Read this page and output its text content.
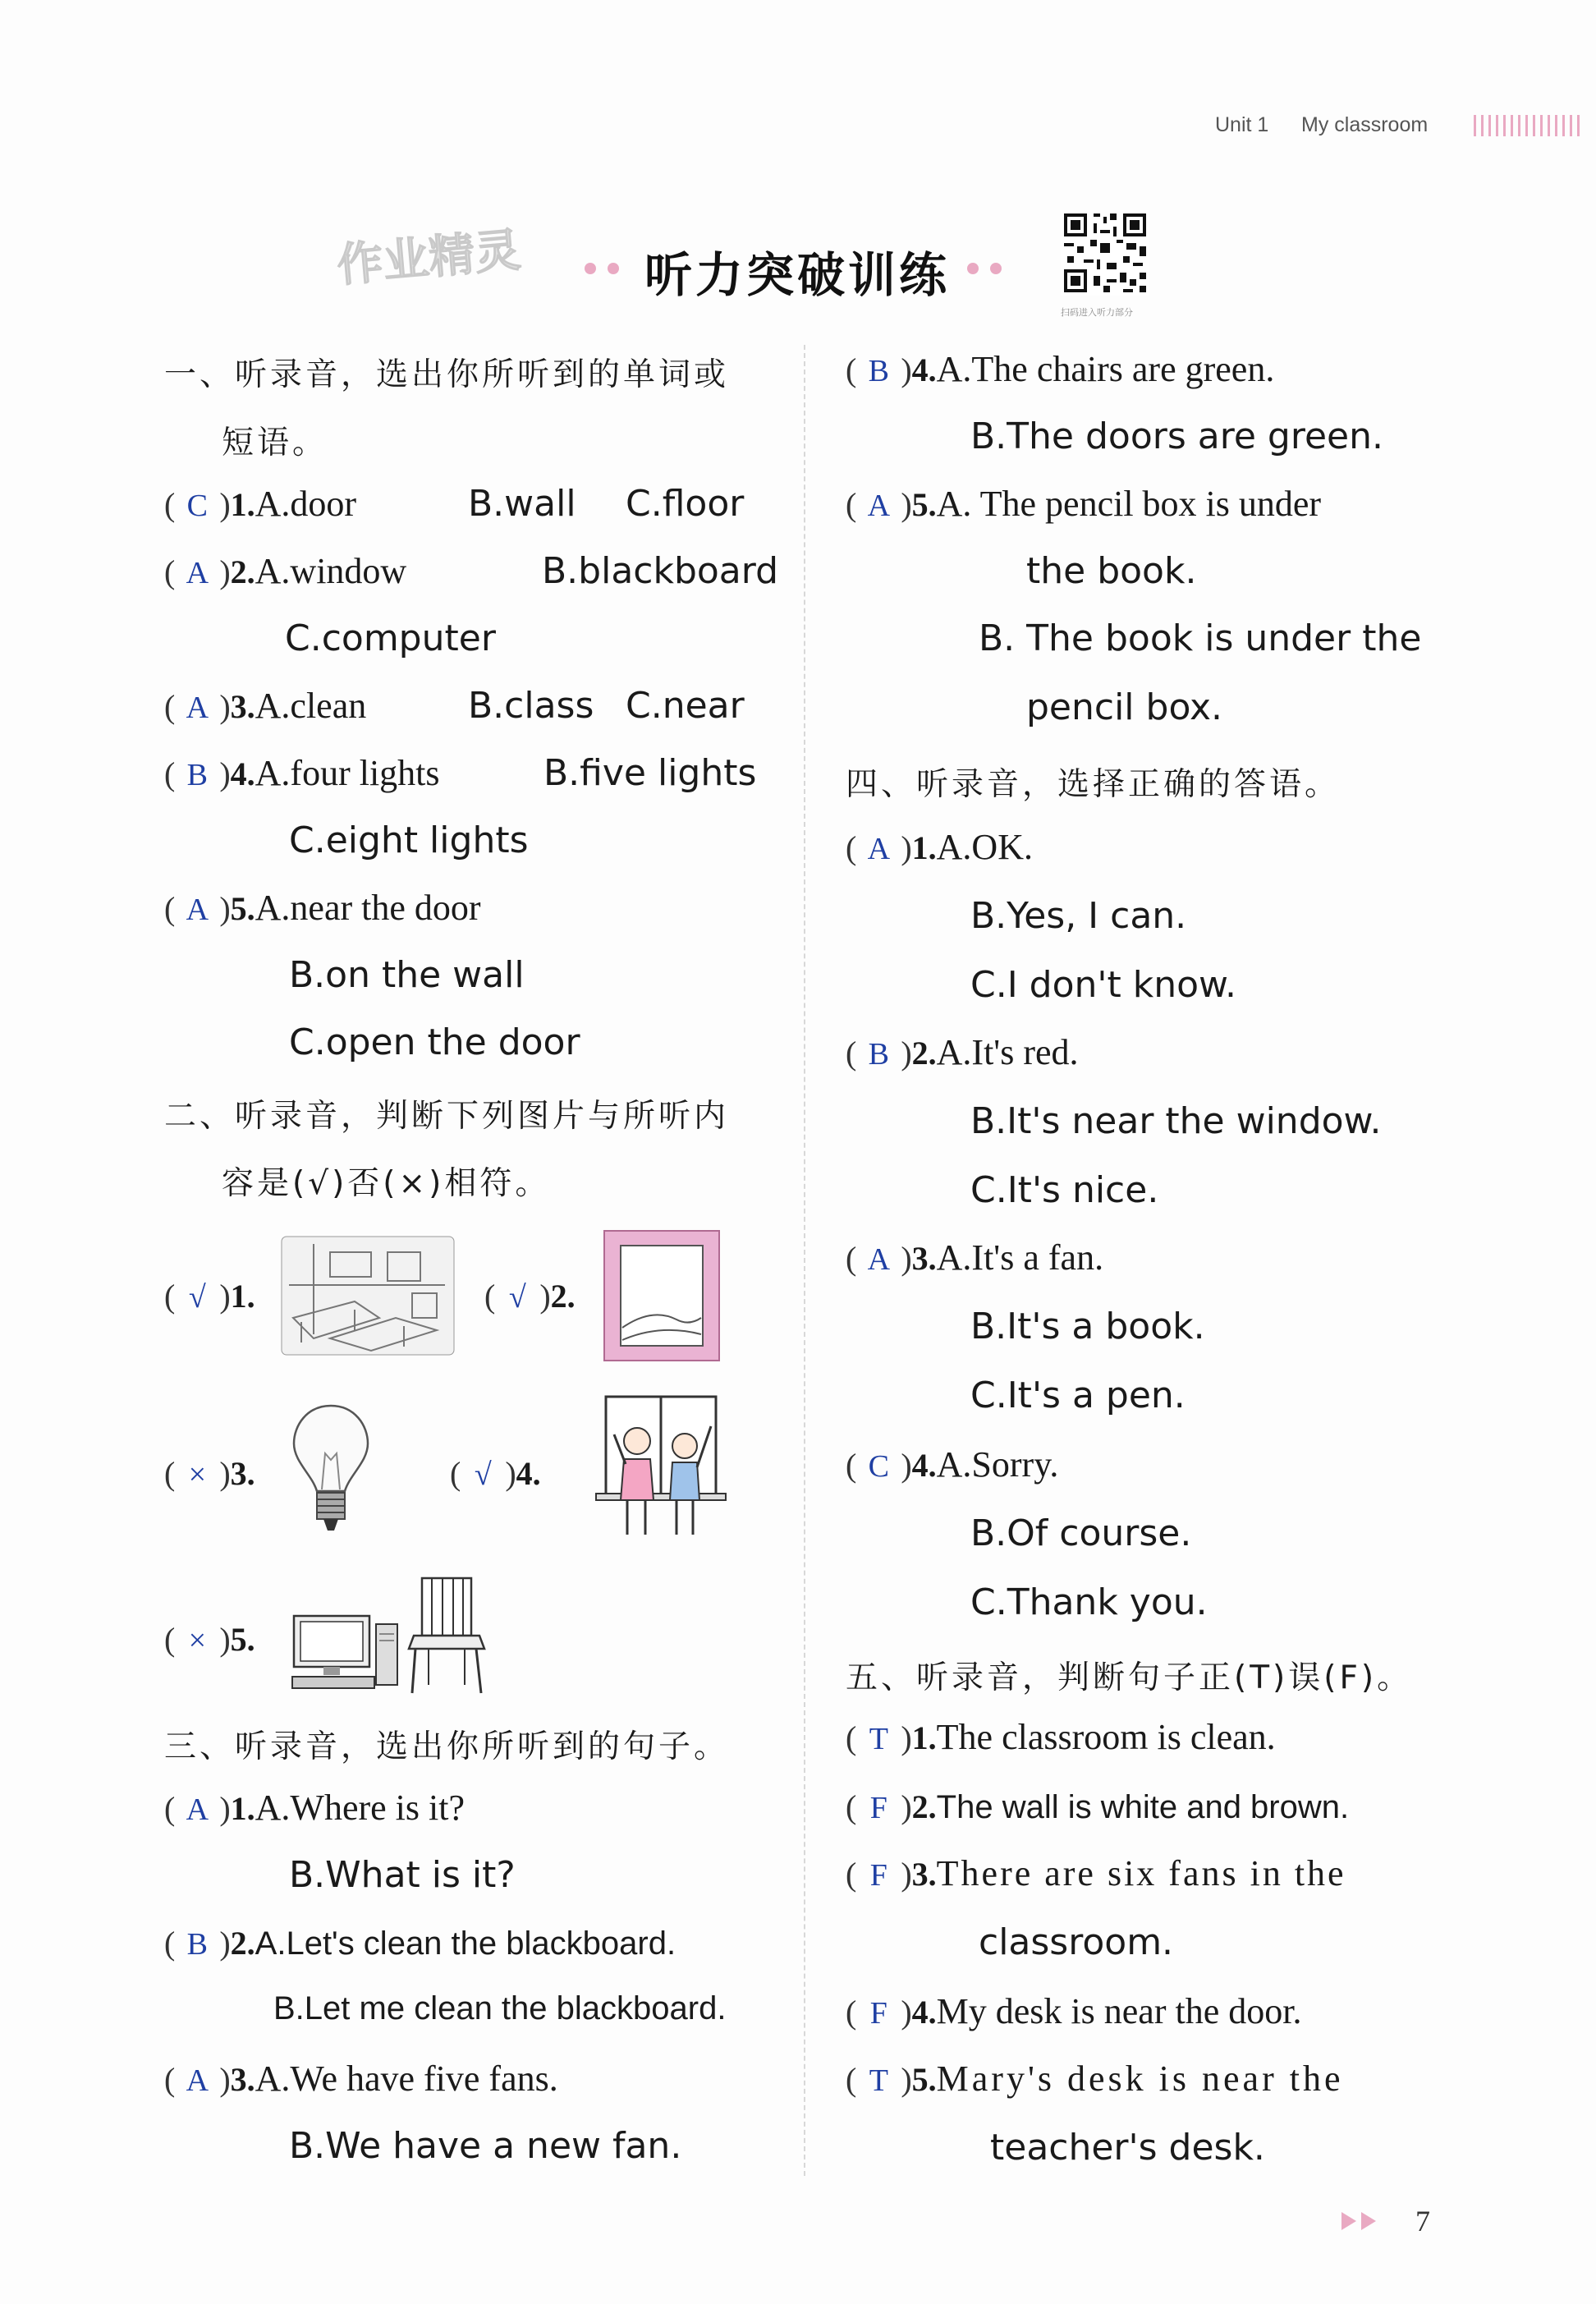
Unit 1 My classroom
作业精灵	听力突破训练
扫码进入听力部分
一、听录音，选出你所听到的单词或
短语。
( C )1.A.door	B.wall C.floor
( A )2.A.window	B.blackboard
C.computer
( A )3.A.clean	B.class C.near
( B )4.A.four lights	B.five lights
C.eight lights
( A )5.A.near the door
B.on the wall
C.open the door
二、听录音，判断下列图片与所听内
容是(√)否(×)相符。
( √ )1.	( √ )2.
( × )3.	( √ )4.
( × )5.
三、听录音，选出你所听到的句子。
( A )1.A.Where is it?
B.What is it?
( B )2.A.Let's clean the blackboard.
B.Let me clean the blackboard.
( A )3.A.We have five fans.
B.We have a new fan.
( B )4.A.The chairs are green.
B.The doors are green.
( A )5.A. The pencil box is under
the book.
B. The book is under the
pencil box.
四、听录音，选择正确的答语。
( A )1.A.OK.
B.Yes, I can.
C.I don't know.
( B )2.A.It's red.
B.It's near the window.
C.It's nice.
( A )3.A.It's a fan.
B.It's a book.
C.It's a pen.
( C )4.A.Sorry.
B.Of course.
C.Thank you.
五、听录音，判断句子正(T)误(F)。
( T )1.The classroom is clean.
( F )2.The wall is white and brown.
( F )3.There are six fans in the
classroom.
( F )4.My desk is near the door.
( T )5.Mary's desk is near the
teacher's desk.
7
